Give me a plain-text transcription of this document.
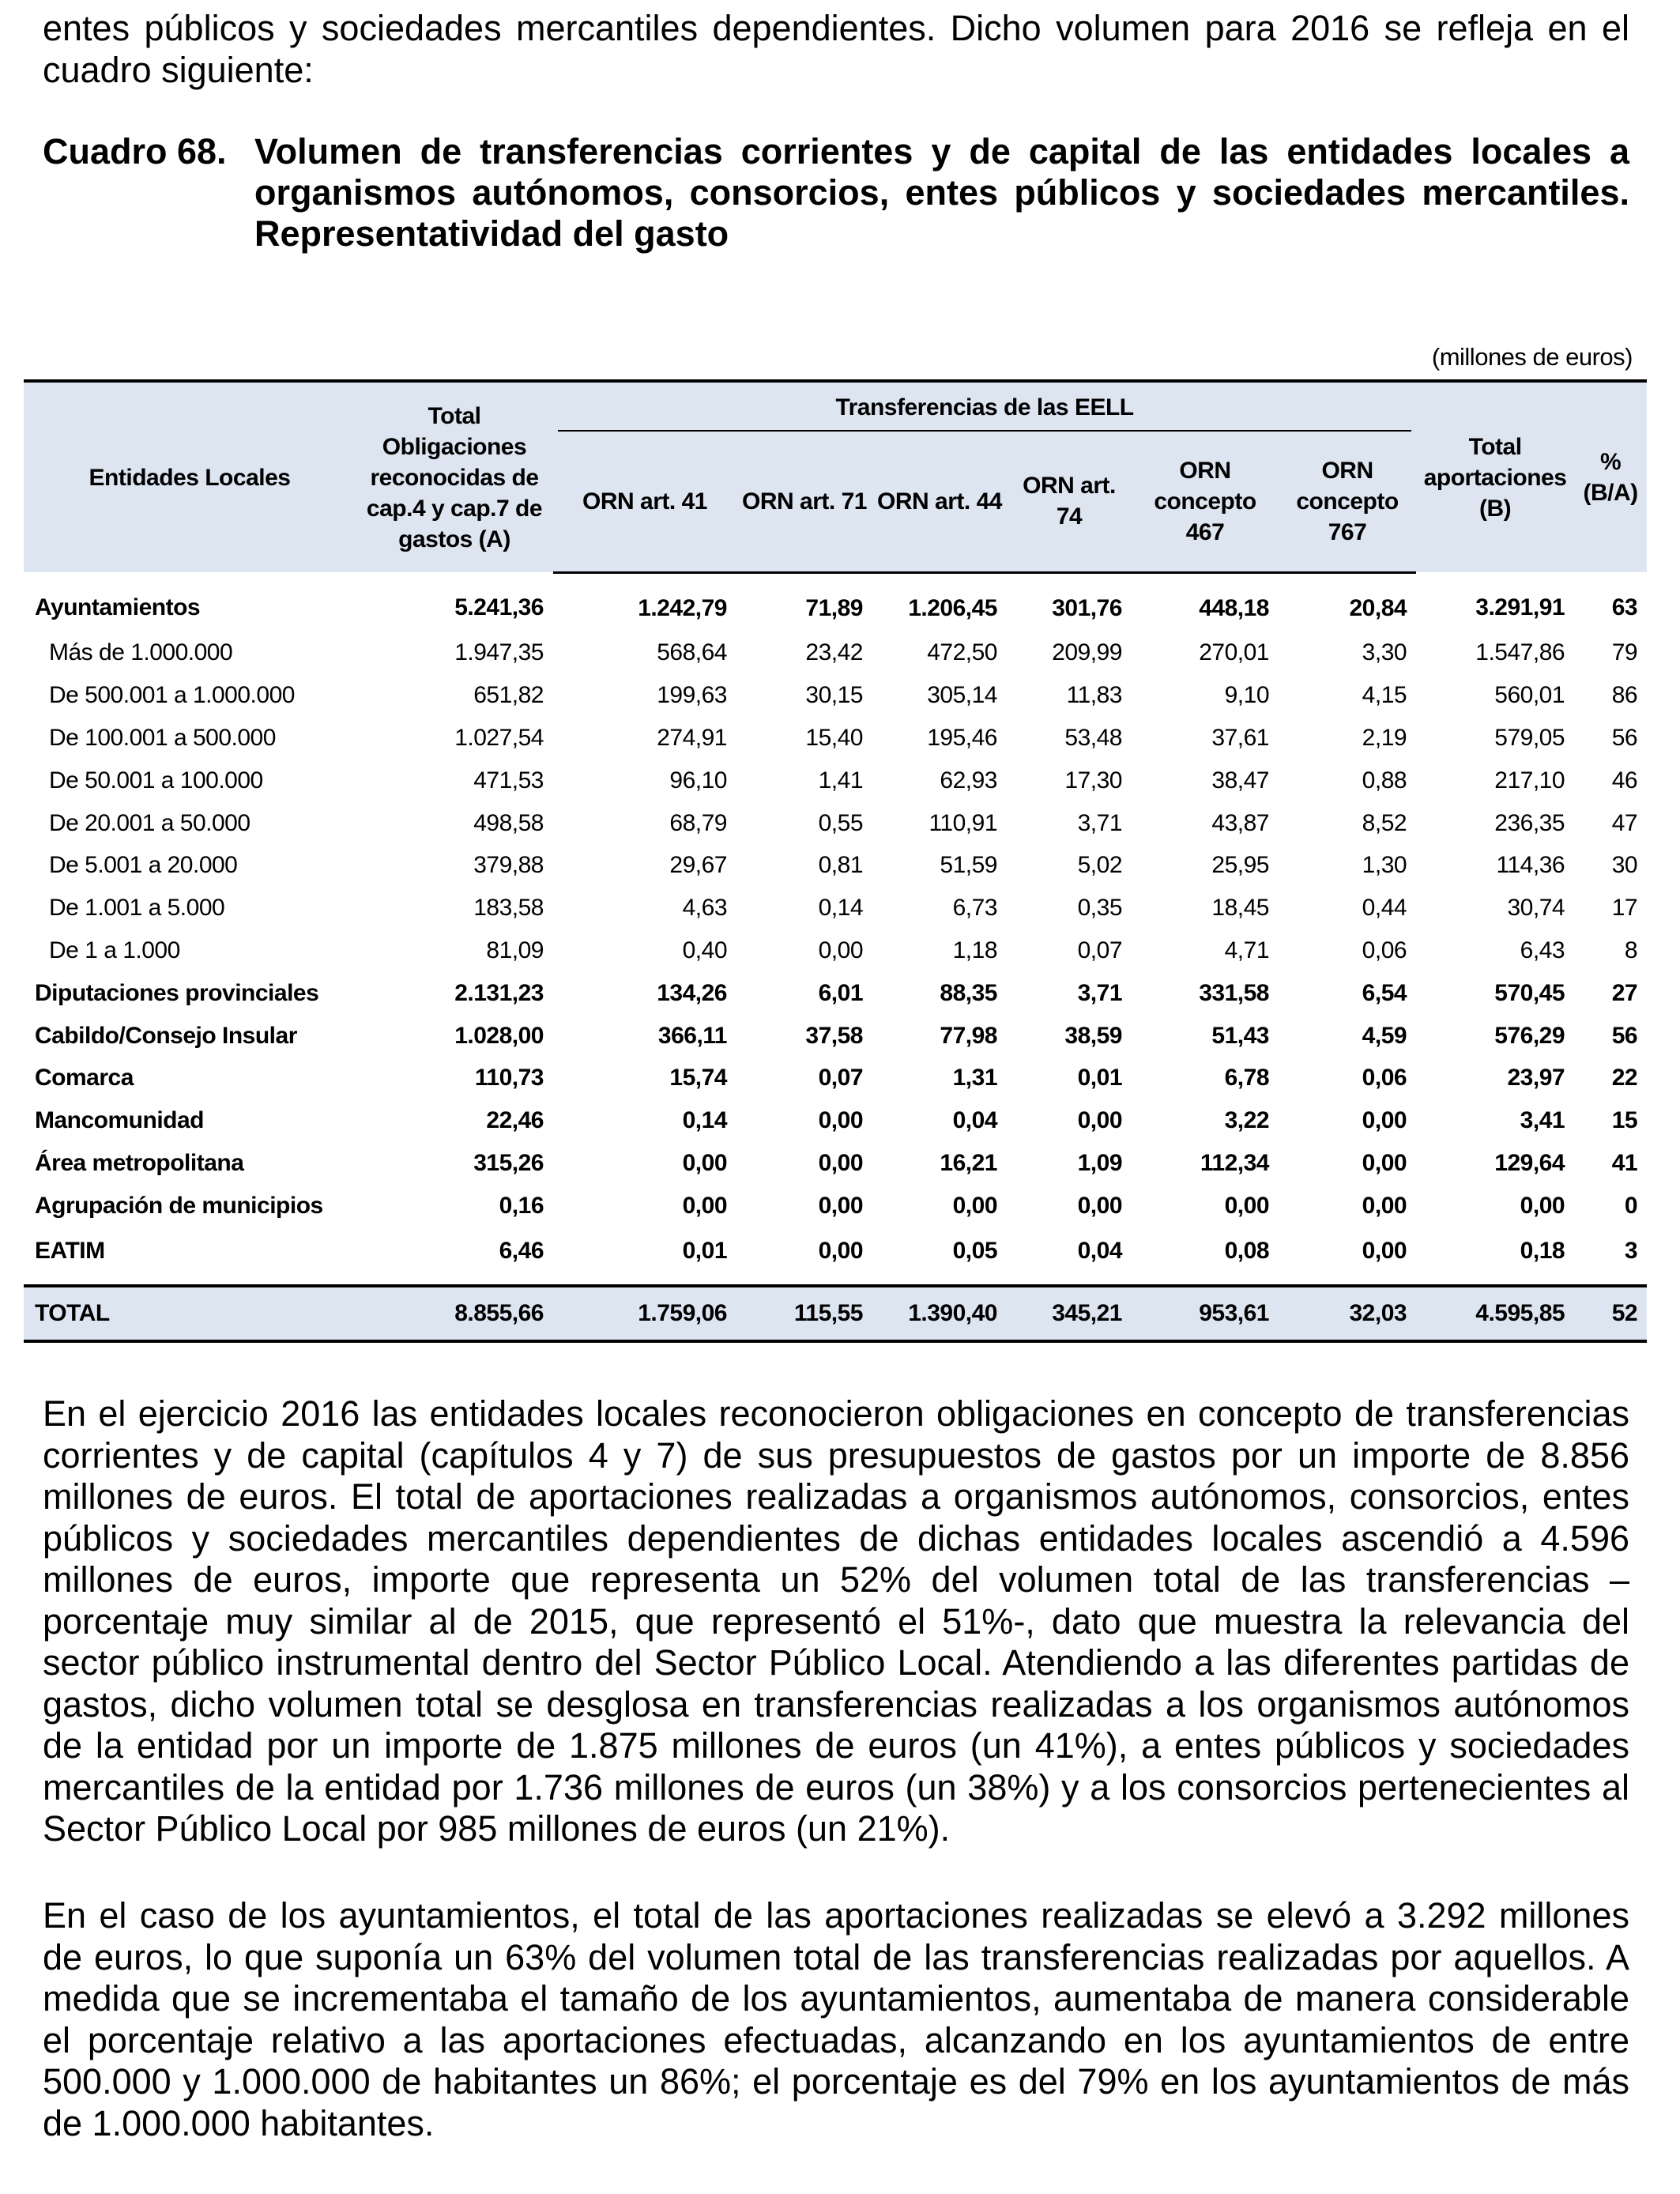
entes públicos y sociedades mercantiles dependientes. Dicho volumen para 2016 se refleja en el cuadro siguiente:

Cuadro 68. Volumen de transferencias corrientes y de capital de las entidades locales a organismos autónomos, consorcios, entes públicos y sociedades mercantiles. Representatividad del gasto
(millones de euros)
Entidades Locales	Total Obligaciones reconocidas de cap.4 y cap.7 de gastos (A)	Transferencias de las EELL						Total aportaciones (B)	% (B/A)
		ORN art. 41	ORN art. 71	ORN art. 44	ORN art. 74	ORN concepto 467	ORN concepto 767		
Ayuntamientos	5.241,36	1.242,79	71,89	1.206,45	301,76	448,18	20,84	3.291,91	63
Más de 1.000.000	1.947,35	568,64	23,42	472,50	209,99	270,01	3,30	1.547,86	79
De 500.001 a 1.000.000	651,82	199,63	30,15	305,14	11,83	9,10	4,15	560,01	86
De 100.001 a 500.000	1.027,54	274,91	15,40	195,46	53,48	37,61	2,19	579,05	56
De 50.001 a 100.000	471,53	96,10	1,41	62,93	17,30	38,47	0,88	217,10	46
De 20.001 a 50.000	498,58	68,79	0,55	110,91	3,71	43,87	8,52	236,35	47
De 5.001 a 20.000	379,88	29,67	0,81	51,59	5,02	25,95	1,30	114,36	30
De 1.001 a 5.000	183,58	4,63	0,14	6,73	0,35	18,45	0,44	30,74	17
De 1 a 1.000	81,09	0,40	0,00	1,18	0,07	4,71	0,06	6,43	8
Diputaciones provinciales	2.131,23	134,26	6,01	88,35	3,71	331,58	6,54	570,45	27
Cabildo/Consejo Insular	1.028,00	366,11	37,58	77,98	38,59	51,43	4,59	576,29	56
Comarca	110,73	15,74	0,07	1,31	0,01	6,78	0,06	23,97	22
Mancomunidad	22,46	0,14	0,00	0,04	0,00	3,22	0,00	3,41	15
Área metropolitana	315,26	0,00	0,00	16,21	1,09	112,34	0,00	129,64	41
Agrupación de municipios	0,16	0,00	0,00	0,00	0,00	0,00	0,00	0,00	0
EATIM	6,46	0,01	0,00	0,05	0,04	0,08	0,00	0,18	3
TOTAL	8.855,66	1.759,06	115,55	1.390,40	345,21	953,61	32,03	4.595,85	52

En el ejercicio 2016 las entidades locales reconocieron obligaciones en concepto de transferencias corrientes y de capital (capítulos 4 y 7) de sus presupuestos de gastos por un importe de 8.856 millones de euros. El total de aportaciones realizadas a organismos autónomos, consorcios, entes públicos y sociedades mercantiles dependientes de dichas entidades locales ascendió a 4.596 millones de euros, importe que representa un 52% del volumen total de las transferencias –porcentaje muy similar al de 2015, que representó el 51%-, dato que muestra la relevancia del sector público instrumental dentro del Sector Público Local. Atendiendo a las diferentes partidas de gastos, dicho volumen total se desglosa en transferencias realizadas a los organismos autónomos de la entidad por un importe de 1.875 millones de euros (un 41%), a entes públicos y sociedades mercantiles de la entidad por 1.736 millones de euros (un 38%) y a los consorcios pertenecientes al Sector Público Local por 985 millones de euros (un 21%).

En el caso de los ayuntamientos, el total de las aportaciones realizadas se elevó a 3.292 millones de euros, lo que suponía un 63% del volumen total de las transferencias realizadas por aquellos. A medida que se incrementaba el tamaño de los ayuntamientos, aumentaba de manera considerable el porcentaje relativo a las aportaciones efectuadas, alcanzando en los ayuntamientos de entre 500.000 y 1.000.000 de habitantes un 86%; el porcentaje es del 79% en los ayuntamientos de más de 1.000.000 habitantes.
